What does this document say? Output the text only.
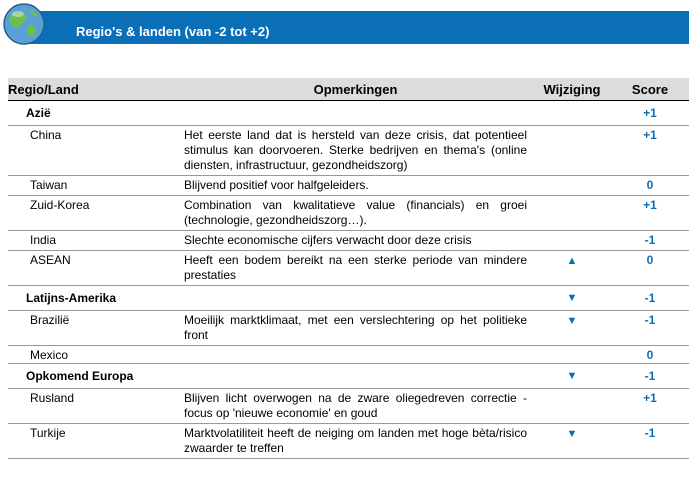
Regio's & landen (van -2 tot +2)
Regio/Land	Opmerkingen	Wijziging	Score
Azië			+1
China	Het eerste land dat is hersteld van deze crisis, dat potentieel stimulus kan doorvoeren. Sterke bedrijven en thema's (online diensten, infrastructuur, gezondheidszorg)		+1
Taiwan	Blijvend positief voor halfgeleiders.		0
Zuid-Korea	Combination van kwalitatieve value (financials) en groei (technologie, gezondheidszorg…).		+1
India	Slechte economische cijfers verwacht door deze crisis		-1
ASEAN	Heeft een bodem bereikt na een sterke periode van mindere prestaties	▲	0
Latijns-Amerika		▼	-1
Brazilië	Moeilijk marktklimaat, met een verslechtering op het politieke front	▼	-1
Mexico			0
Opkomend Europa		▼	-1
Rusland	Blijven licht overwogen na de zware oliegedreven correctie - focus op 'nieuwe economie' en goud		+1
Turkije	Marktvolatiliteit heeft de neiging om landen met hoge bèta/risico zwaarder te treffen	▼	-1
